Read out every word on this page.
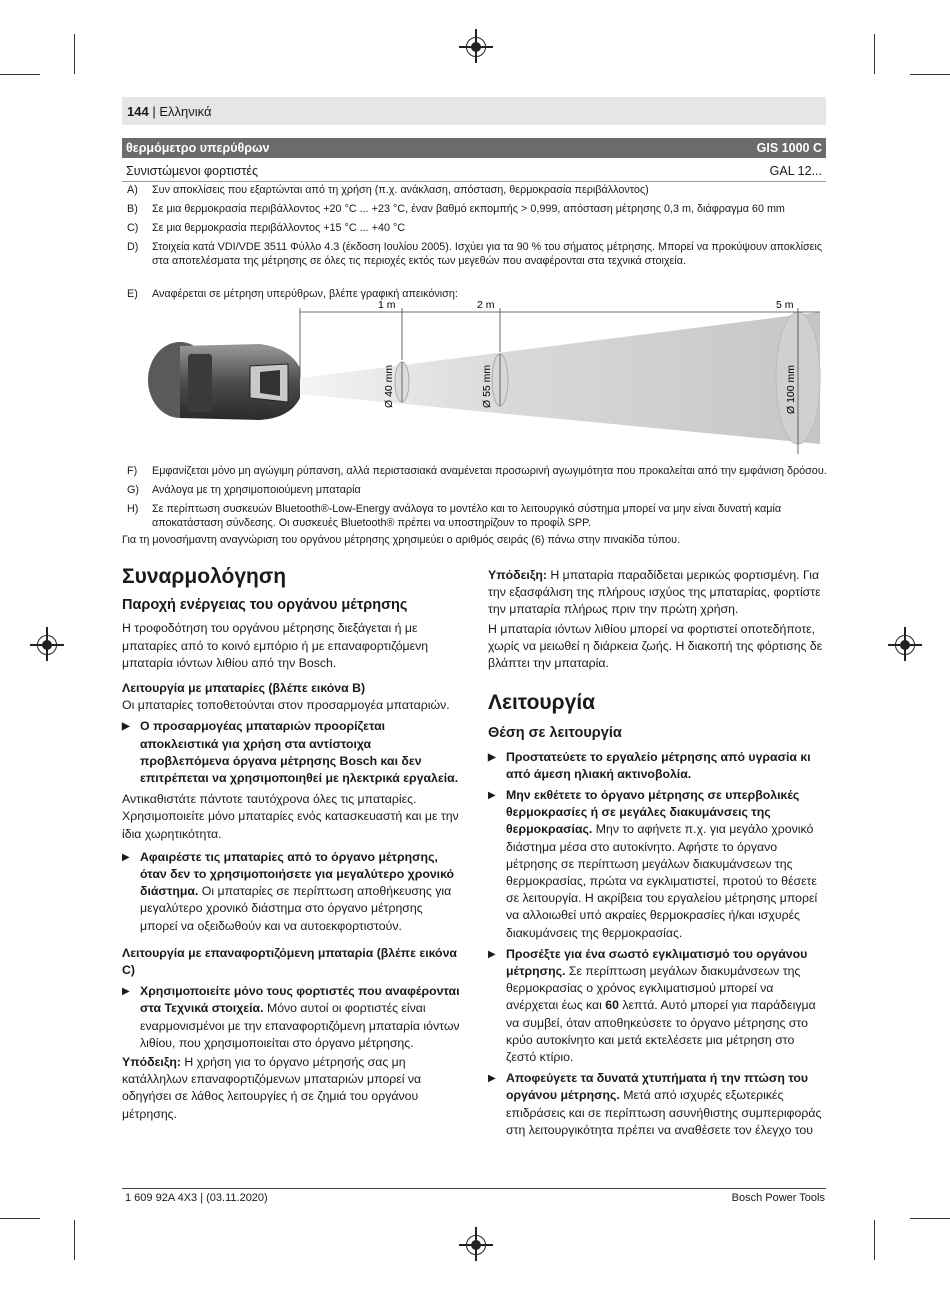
144 | Ελληνικά
θερμόμετρο υπερύθρων	GIS 1000 C
Συνιστώμενοι φορτιστές	GAL 12...
A) Συν αποκλίσεις που εξαρτώνται από τη χρήση (π.χ. ανάκλαση, απόσταση, θερμοκρασία περιβάλλοντος)
B) Σε μια θερμοκρασία περιβάλλοντος +20 °C ... +23 °C, έναν βαθμό εκπομπής > 0,999, απόσταση μέτρησης 0,3 m, διάφραγμα 60 mm
C) Σε μια θερμοκρασία περιβάλλοντος +15 °C ... +40 °C
D) Στοιχεία κατά VDI/VDE 3511 Φύλλο 4.3 (έκδοση Ιουλίου 2005). Ισχύει για τα 90 % του σήματος μέτρησης. Μπορεί να προκύψουν αποκλίσεις στα αποτελέσματα της μέτρησης σε όλες τις περιοχές εκτός των μεγεθών που αναφέρονται στα τεχνικά στοιχεία.
E) Αναφέρεται σε μέτρηση υπερύθρων, βλέπε γραφική απεικόνιση:
1 m	2 m	5 m
Ø 40 mm	Ø 55 mm	Ø 100 mm
F) Εμφανίζεται μόνο μη αγώγιμη ρύπανση, αλλά περιστασιακά αναμένεται προσωρινή αγωγιμότητα που προκαλείται από την εμφάνιση δρόσου.
G) Ανάλογα με τη χρησιμοποιούμενη μπαταρία
H) Σε περίπτωση συσκευών Bluetooth®-Low-Energy ανάλογα το μοντέλο και το λειτουργικό σύστημα μπορεί να μην είναι δυνατή καμία αποκατάσταση σύνδεσης. Οι συσκευές Bluetooth® πρέπει να υποστηρίζουν το προφίλ SPP.
Για τη μονοσήμαντη αναγνώριση του οργάνου μέτρησης χρησιμεύει ο αριθμός σειράς (6) πάνω στην πινακίδα τύπου.
Συναρμολόγηση
Παροχή ενέργειας του οργάνου μέτρησης

Η τροφοδότηση του οργάνου μέτρησης διεξάγεται ή με μπαταρίες από το κοινό εμπόριο ή με επαναφορτιζόμενη μπαταρία ιόντων λιθίου από την Bosch.

Λειτουργία με μπαταρίες (βλέπε εικόνα B)

Οι μπαταρίες τοποθετούνται στον προσαρμογέα μπαταριών.

▶ Ο προσαρμογέας μπαταριών προορίζεται αποκλειστικά για χρήση στα αντίστοιχα προβλεπόμενα όργανα μέτρησης Bosch και δεν επιτρέπεται να χρησιμοποιηθεί με ηλεκτρικά εργαλεία.

Αντικαθιστάτε πάντοτε ταυτόχρονα όλες τις μπαταρίες. Χρησιμοποιείτε μόνο μπαταρίες ενός κατασκευαστή και με την ίδια χωρητικότητα.

▶ Αφαιρέστε τις μπαταρίες από το όργανο μέτρησης, όταν δεν το χρησιμοποιήσετε για μεγαλύτερο χρονικό διάστημα. Οι μπαταρίες σε περίπτωση αποθήκευσης για μεγαλύτερο χρονικό διάστημα στο όργανο μέτρησης μπορεί να οξειδωθούν και να αυτοεκφορτιστούν.

Λειτουργία με επαναφορτιζόμενη μπαταρία (βλέπε εικόνα C)

▶ Χρησιμοποιείτε μόνο τους φορτιστές που αναφέρονται στα Τεχνικά στοιχεία. Μόνο αυτοί οι φορτιστές είναι εναρμονισμένοι με την επαναφορτιζόμενη μπαταρία ιόντων λιθίου, που χρησιμοποιείται στο όργανο μέτρησης.

Υπόδειξη: Η χρήση για το όργανο μέτρησής σας μη κατάλληλων επαναφορτιζόμενων μπαταριών μπορεί να οδηγήσει σε λάθος λειτουργίες ή σε ζημιά του οργάνου μέτρησης.

Υπόδειξη: Η μπαταρία παραδίδεται μερικώς φορτισμένη. Για την εξασφάλιση της πλήρους ισχύος της μπαταρίας, φορτίστε την μπαταρία πλήρως πριν την πρώτη χρήση.

Η μπαταρία ιόντων λιθίου μπορεί να φορτιστεί οποτεδήποτε, χωρίς να μειωθεί η διάρκεια ζωής. Η διακοπή της φόρτισης δε βλάπτει την μπαταρία.

Λειτουργία
Θέση σε λειτουργία

▶ Προστατεύετε το εργαλείο μέτρησης από υγρασία κι από άμεση ηλιακή ακτινοβολία.

▶ Μην εκθέτετε το όργανο μέτρησης σε υπερβολικές θερμοκρασίες ή σε μεγάλες διακυμάνσεις της θερμοκρασίας. Μην το αφήνετε π.χ. για μεγάλο χρονικό διάστημα μέσα στο αυτοκίνητο. Αφήστε το όργανο μέτρησης σε περίπτωση μεγάλων διακυμάνσεων της θερμοκρασίας, πρώτα να εγκλιματιστεί, προτού το θέσετε σε λειτουργία. Η ακρίβεια του εργαλείου μέτρησης μπορεί να αλλοιωθεί υπό ακραίες θερμοκρασίες ή/και ισχυρές διακυμάνσεις της θερμοκρασίας.

▶ Προσέξτε για ένα σωστό εγκλιματισμό του οργάνου μέτρησης. Σε περίπτωση μεγάλων διακυμάνσεων της θερμοκρασίας ο χρόνος εγκλιματισμού μπορεί να ανέρχεται έως και 60 λεπτά. Αυτό μπορεί για παράδειγμα να συμβεί, όταν αποθηκεύσετε το όργανο μέτρησης στο κρύο αυτοκίνητο και μετά εκτελέσετε μια μέτρηση στο ζεστό κτίριο.

▶ Αποφεύγετε τα δυνατά χτυπήματα ή την πτώση του οργάνου μέτρησης. Μετά από ισχυρές εξωτερικές επιδράσεις και σε περίπτωση ασυνήθιστης συμπεριφοράς στη λειτουργικότητα πρέπει να αναθέσετε τον έλεγχο του

1 609 92A 4X3 | (03.11.2020)	Bosch Power Tools
